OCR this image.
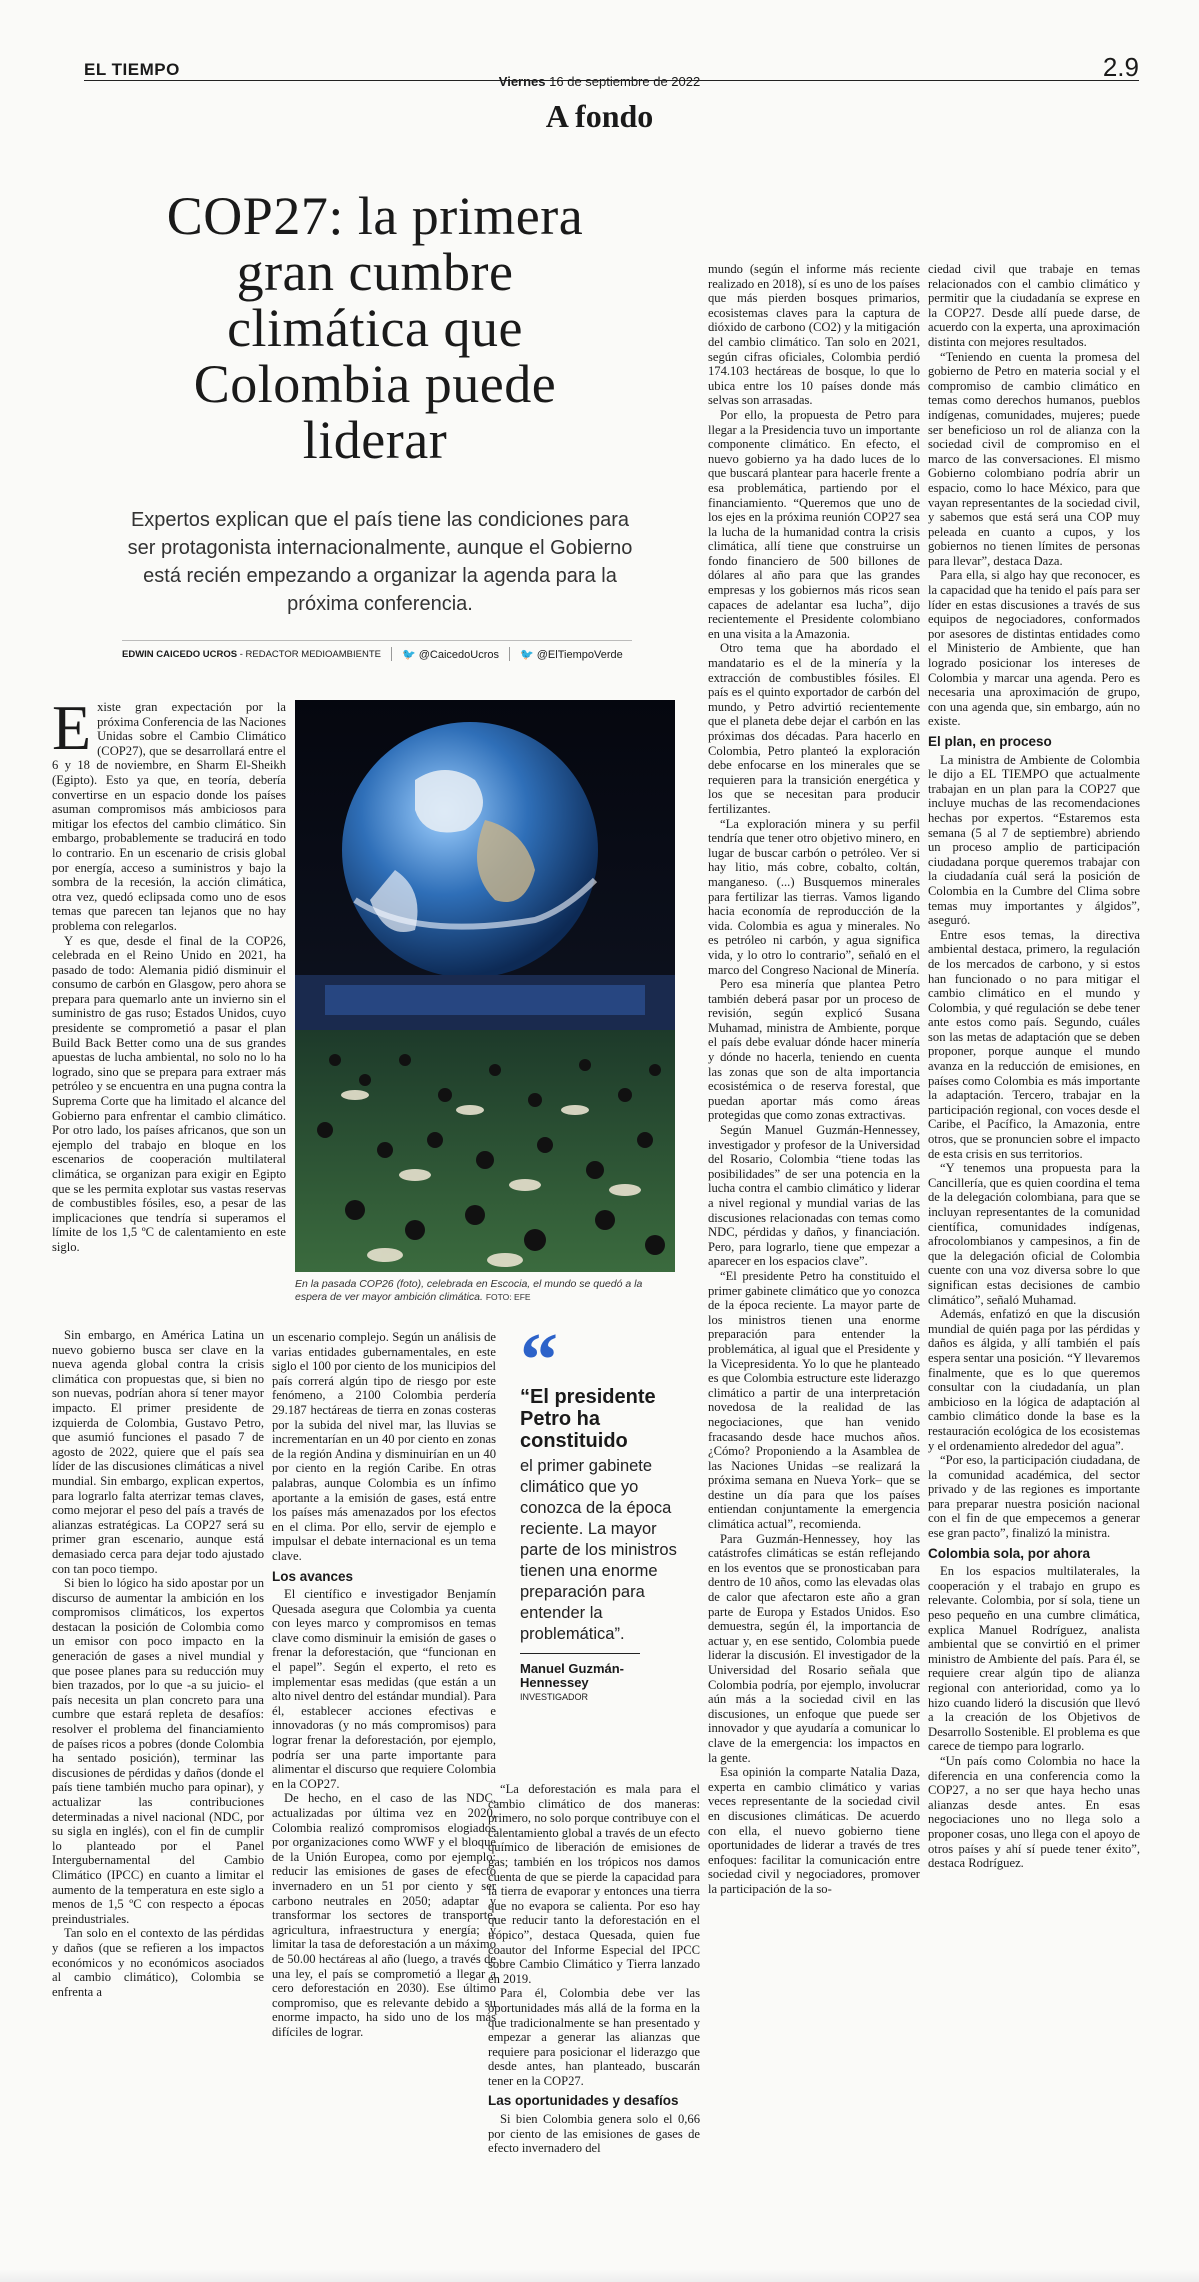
EL TIEMPO
Viernes 16 de septiembre de 2022	2.9
A fondo
COP27: la primera gran cumbre climática que Colombia puede liderar
Expertos explican que el país tiene las condiciones para ser protagonista internacionalmente, aunque el Gobierno está recién empezando a organizar la agenda para la próxima conferencia.
EDWIN CAICEDO UCROS - REDACTOR MEDIOAMBIENTE 🐦 @CaicedoUcros 🐦 @ElTiempoVerde

Existe gran expectación por la próxima Conferencia de las Naciones Unidas sobre el Cambio Climático (COP27), que se desarrollará entre el 6 y 18 de noviembre, en Sharm El-Sheikh (Egipto). Esto ya que, en teoría, debería convertirse en un espacio donde los países asuman compromisos más ambiciosos para mitigar los efectos del cambio climático. Sin embargo, probablemente se traducirá en todo lo contrario. En un escenario de crisis global por energía, acceso a suministros y bajo la sombra de la recesión, la acción climática, otra vez, quedó eclipsada como uno de esos temas que parecen tan lejanos que no hay problema con relegarlos.

Y es que, desde el final de la COP26, celebrada en el Reino Unido en 2021, ha pasado de todo: Alemania pidió disminuir el consumo de carbón en Glasgow, pero ahora se prepara para quemarlo ante un invierno sin el suministro de gas ruso; Estados Unidos, cuyo presidente se comprometió a pasar el plan Build Back Better como una de sus grandes apuestas de lucha ambiental, no solo no lo ha logrado, sino que se prepara para extraer más petróleo y se encuentra en una pugna contra la Suprema Corte que ha limitado el alcance del Gobierno para enfrentar el cambio climático. Por otro lado, los países africanos, que son un ejemplo del trabajo en bloque en los escenarios de cooperación multilateral climática, se organizan para exigir en Egipto que se les permita explotar sus vastas reservas de combustibles fósiles, eso, a pesar de las implicaciones que tendría si superamos el límite de los 1,5 ºC de calentamiento en este siglo.

Sin embargo, en América Latina un nuevo gobierno busca ser clave en la nueva agenda global contra la crisis climática con propuestas que, si bien no son nuevas, podrían ahora sí tener mayor impacto. El primer presidente de izquierda de Colombia, Gustavo Petro, que asumió funciones el pasado 7 de agosto de 2022, quiere que el país sea líder de las discusiones climáticas a nivel mundial. Sin embargo, explican expertos, para lograrlo falta aterrizar temas claves, como mejorar el peso del país a través de alianzas estratégicas. La COP27 será su primer gran escenario, aunque está demasiado cerca para dejar todo ajustado con tan poco tiempo.

Si bien lo lógico ha sido apostar por un discurso de aumentar la ambición en los compromisos climáticos, los expertos destacan la posición de Colombia como un emisor con poco impacto en la generación de gases a nivel mundial y que posee planes para su reducción muy bien trazados, por lo que -a su juicio- el país necesita un plan concreto para una cumbre que estará repleta de desafíos: resolver el problema del financiamiento de países ricos a pobres (donde Colombia ha sentado posición), terminar las discusiones de pérdidas y daños (donde el país tiene también mucho para opinar), y actualizar las contribuciones determinadas a nivel nacional (NDC, por su sigla en inglés), con el fin de cumplir lo planteado por el Panel Intergubernamental del Cambio Climático (IPCC) en cuanto a limitar el aumento de la temperatura en este siglo a menos de 1,5 ºC con respecto a épocas preindustriales.

Tan solo en el contexto de las pérdidas y daños (que se refieren a los impactos económicos y no económicos asociados al cambio climático), Colombia se enfrenta a

En la pasada COP26 (foto), celebrada en Escocia, el mundo se quedó a la espera de ver mayor ambición climática. FOTO: EFE

un escenario complejo. Según un análisis de varias entidades gubernamentales, en este siglo el 100 por ciento de los municipios del país correrá algún tipo de riesgo por este fenómeno, a 2100 Colombia perdería 29.187 hectáreas de tierra en zonas costeras por la subida del nivel mar, las lluvias se incrementarían en un 40 por ciento en zonas de la región Andina y disminuirían en un 40 por ciento en la región Caribe. En otras palabras, aunque Colombia es un ínfimo aportante a la emisión de gases, está entre los países más amenazados por los efectos en el clima. Por ello, servir de ejemplo e impulsar el debate internacional es un tema clave.

Los avances

El científico e investigador Benjamín Quesada asegura que Colombia ya cuenta con leyes marco y compromisos en temas clave como disminuir la emisión de gases o frenar la deforestación, que “funcionan en el papel”. Según el experto, el reto es implementar esas medidas (que están a un alto nivel dentro del estándar mundial). Para él, establecer acciones efectivas e innovadoras (y no más compromisos) para lograr frenar la deforestación, por ejemplo, podría ser una parte importante para alimentar el discurso que requiere Colombia en la COP27.

De hecho, en el caso de las NDC, actualizadas por última vez en 2020, Colombia realizó compromisos elogiados por organizaciones como WWF y el bloque de la Unión Europea, como por ejemplo: reducir las emisiones de gases de efecto invernadero en un 51 por ciento y ser carbono neutrales en 2050; adaptar y transformar los sectores de transporte, agricultura, infraestructura y energía; y limitar la tasa de deforestación a un máximo de 50.00 hectáreas al año (luego, a través de una ley, el país se comprometió a llegar a cero deforestación en 2030). Ese último compromiso, que es relevante debido a su enorme impacto, ha sido uno de los más difíciles de lograr.

“
“El presidente Petro ha constituido
el primer gabinete climático que yo conozca de la época reciente. La mayor parte de los ministros tienen una enorme preparación para entender la problemática”.
Manuel Guzmán-Hennessey
INVESTIGADOR

“La deforestación es mala para el cambio climático de dos maneras: primero, no solo porque contribuye con el calentamiento global a través de un efecto químico de liberación de emisiones de gas; también en los trópicos nos damos cuenta de que se pierde la capacidad para la tierra de evaporar y entonces una tierra que no evapora se calienta. Por eso hay que reducir tanto la deforestación en el trópico”, destaca Quesada, quien fue coautor del Informe Especial del IPCC sobre Cambio Climático y Tierra lanzado en 2019.

Para él, Colombia debe ver las oportunidades más allá de la forma en la que tradicionalmente se han presentado y empezar a generar las alianzas que requiere para posicionar el liderazgo que desde antes, han planteado, buscarán tener en la COP27.

Las oportunidades y desafíos

Si bien Colombia genera solo el 0,66 por ciento de las emisiones de gases de efecto invernadero del

mundo (según el informe más reciente realizado en 2018), sí es uno de los países que más pierden bosques primarios, ecosistemas claves para la captura de dióxido de carbono (CO2) y la mitigación del cambio climático. Tan solo en 2021, según cifras oficiales, Colombia perdió 174.103 hectáreas de bosque, lo que lo ubica entre los 10 países donde más selvas son arrasadas.

Por ello, la propuesta de Petro para llegar a la Presidencia tuvo un importante componente climático. En efecto, el nuevo gobierno ya ha dado luces de lo que buscará plantear para hacerle frente a esa problemática, partiendo por el financiamiento. “Queremos que uno de los ejes en la próxima reunión COP27 sea la lucha de la humanidad contra la crisis climática, allí tiene que construirse un fondo financiero de 500 billones de dólares al año para que las grandes empresas y los gobiernos más ricos sean capaces de adelantar esa lucha”, dijo recientemente el Presidente colombiano en una visita a la Amazonia.

Otro tema que ha abordado el mandatario es el de la minería y la extracción de combustibles fósiles. El país es el quinto exportador de carbón del mundo, y Petro advirtió recientemente que el planeta debe dejar el carbón en las próximas dos décadas. Para hacerlo en Colombia, Petro planteó la exploración debe enfocarse en los minerales que se requieren para la transición energética y los que se necesitan para producir fertilizantes.

“La exploración minera y su perfil tendría que tener otro objetivo minero, en lugar de buscar carbón o petróleo. Ver si hay litio, más cobre, cobalto, coltán, manganeso. (...) Busquemos minerales para fertilizar las tierras. Vamos ligando hacia economía de reproducción de la vida. Colombia es agua y minerales. No es petróleo ni carbón, y agua significa vida, y lo otro lo contrario”, señaló en el marco del Congreso Nacional de Minería.

Pero esa minería que plantea Petro también deberá pasar por un proceso de revisión, según explicó Susana Muhamad, ministra de Ambiente, porque el país debe evaluar dónde hacer minería y dónde no hacerla, teniendo en cuenta las zonas que son de alta importancia ecosistémica o de reserva forestal, que puedan aportar más como áreas protegidas que como zonas extractivas.

Según Manuel Guzmán-Hennessey, investigador y profesor de la Universidad del Rosario, Colombia “tiene todas las posibilidades” de ser una potencia en la lucha contra el cambio climático y liderar a nivel regional y mundial varias de las discusiones relacionadas con temas como NDC, pérdidas y daños, y financiación. Pero, para lograrlo, tiene que empezar a aparecer en los espacios clave”.

“El presidente Petro ha constituido el primer gabinete climático que yo conozca de la época reciente. La mayor parte de los ministros tienen una enorme preparación para entender la problemática, al igual que el Presidente y la Vicepresidenta. Yo lo que he planteado es que Colombia estructure este liderazgo climático a partir de una interpretación novedosa de la realidad de las negociaciones, que han venido fracasando desde hace muchos años. ¿Cómo? Proponiendo a la Asamblea de las Naciones Unidas –se realizará la próxima semana en Nueva York– que se destine un día para que los países entiendan conjuntamente la emergencia climática actual”, recomienda.

Para Guzmán-Hennessey, hoy las catástrofes climáticas se están reflejando en los eventos que se pronosticaban para dentro de 10 años, como las elevadas olas de calor que afectaron este año a gran parte de Europa y Estados Unidos. Eso demuestra, según él, la importancia de actuar y, en ese sentido, Colombia puede liderar la discusión. El investigador de la Universidad del Rosario señala que Colombia podría, por ejemplo, involucrar aún más a la sociedad civil en las discusiones, un enfoque que puede ser innovador y que ayudaría a comunicar lo clave de la emergencia: los impactos en la gente.

Esa opinión la comparte Natalia Daza, experta en cambio climático y varias veces representante de la sociedad civil en discusiones climáticas. De acuerdo con ella, el nuevo gobierno tiene oportunidades de liderar a través de tres enfoques: facilitar la comunicación entre sociedad civil y negociadores, promover la participación de la so-

ciedad civil que trabaje en temas relacionados con el cambio climático y permitir que la ciudadanía se exprese en la COP27. Desde allí puede darse, de acuerdo con la experta, una aproximación distinta con mejores resultados.

“Teniendo en cuenta la promesa del gobierno de Petro en materia social y el compromiso de cambio climático en temas como derechos humanos, pueblos indígenas, comunidades, mujeres; puede ser beneficioso un rol de alianza con la sociedad civil de compromiso en el marco de las conversaciones. El mismo Gobierno colombiano podría abrir un espacio, como lo hace México, para que vayan representantes de la sociedad civil, y sabemos que está será una COP muy peleada en cuanto a cupos, y los gobiernos no tienen límites de personas para llevar”, destaca Daza.

Para ella, si algo hay que reconocer, es la capacidad que ha tenido el país para ser líder en estas discusiones a través de sus equipos de negociadores, conformados por asesores de distintas entidades como el Ministerio de Ambiente, que han logrado posicionar los intereses de Colombia y marcar una agenda. Pero es necesaria una aproximación de grupo, con una agenda que, sin embargo, aún no existe.

El plan, en proceso

La ministra de Ambiente de Colombia le dijo a EL TIEMPO que actualmente trabajan en un plan para la COP27 que incluye muchas de las recomendaciones hechas por expertos. “Estaremos esta semana (5 al 7 de septiembre) abriendo un proceso amplio de participación ciudadana porque queremos trabajar con la ciudadanía cuál será la posición de Colombia en la Cumbre del Clima sobre temas muy importantes y álgidos”, aseguró.

Entre esos temas, la directiva ambiental destaca, primero, la regulación de los mercados de carbono, y si estos han funcionado o no para mitigar el cambio climático en el mundo y Colombia, y qué regulación se debe tener ante estos como país. Segundo, cuáles son las metas de adaptación que se deben proponer, porque aunque el mundo avanza en la reducción de emisiones, en países como Colombia es más importante la adaptación. Tercero, trabajar en la participación regional, con voces desde el Caribe, el Pacífico, la Amazonia, entre otros, que se pronuncien sobre el impacto de esta crisis en sus territorios.

“Y tenemos una propuesta para la Cancillería, que es quien coordina el tema de la delegación colombiana, para que se incluyan representantes de la comunidad científica, comunidades indígenas, afrocolombianos y campesinos, a fin de que la delegación oficial de Colombia cuente con una voz diversa sobre lo que significan estas decisiones de cambio climático”, señaló Muhamad.

Además, enfatizó en que la discusión mundial de quién paga por las pérdidas y daños es álgida, y allí también el país espera sentar una posición. “Y llevaremos finalmente, que es lo que queremos consultar con la ciudadanía, un plan ambicioso en la lógica de adaptación al cambio climático donde la base es la restauración ecológica de los ecosistemas y el ordenamiento alrededor del agua”.

“Por eso, la participación ciudadana, de la comunidad académica, del sector privado y de las regiones es importante para preparar nuestra posición nacional con el fin de que empecemos a generar ese gran pacto”, finalizó la ministra.

Colombia sola, por ahora

En los espacios multilaterales, la cooperación y el trabajo en grupo es relevante. Colombia, por sí sola, tiene un peso pequeño en una cumbre climática, explica Manuel Rodríguez, analista ambiental que se convirtió en el primer ministro de Ambiente del país. Para él, se requiere crear algún tipo de alianza regional con anterioridad, como ya lo hizo cuando lideró la discusión que llevó a la creación de los Objetivos de Desarrollo Sostenible. El problema es que carece de tiempo para lograrlo.

“Un país como Colombia no hace la diferencia en una conferencia como la COP27, a no ser que haya hecho unas alianzas desde antes. En esas negociaciones uno no llega solo a proponer cosas, uno llega con el apoyo de otros países y ahí sí puede tener éxito”, destaca Rodríguez.
